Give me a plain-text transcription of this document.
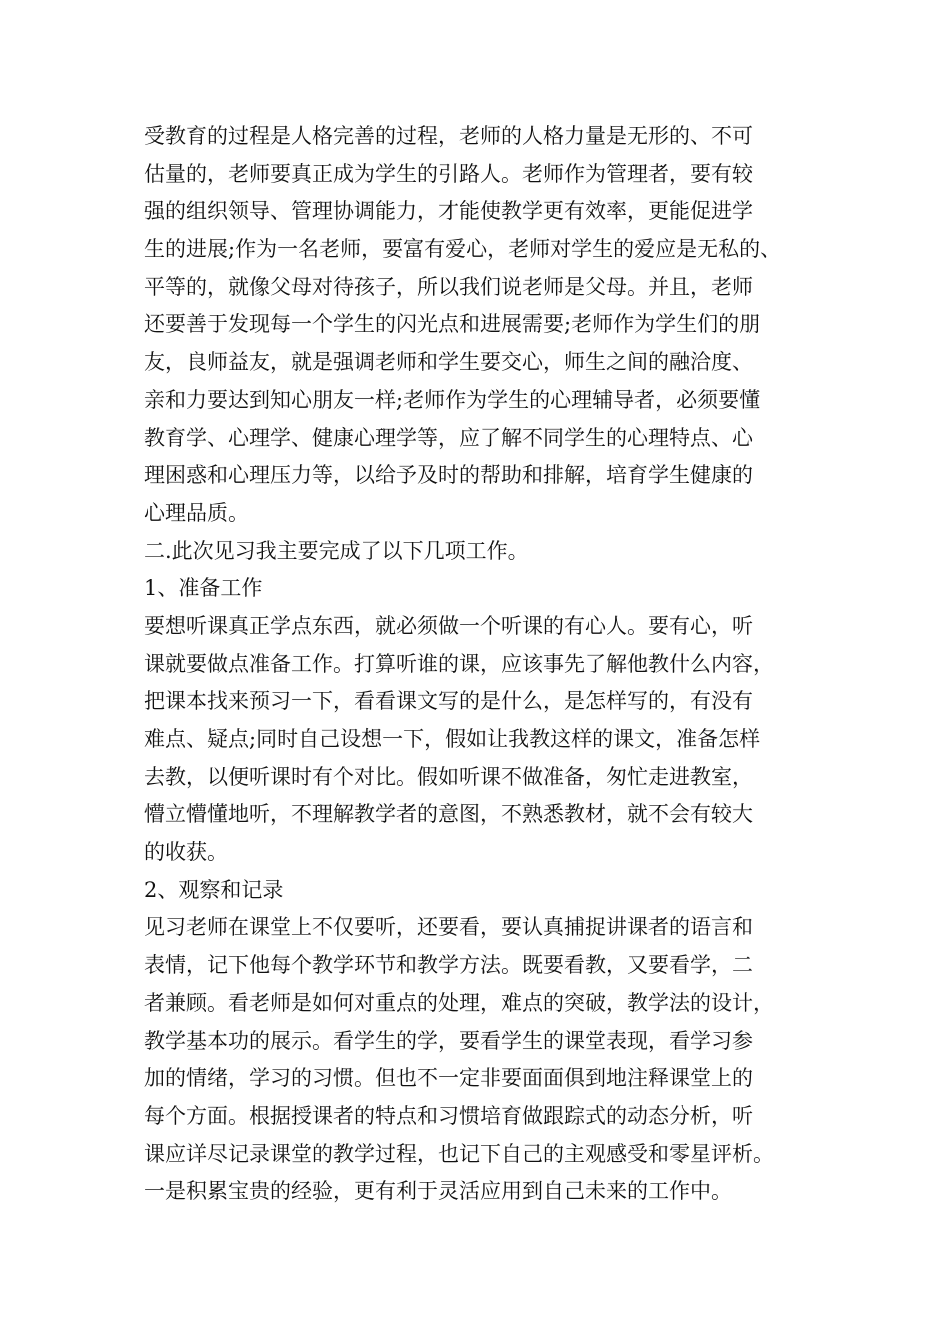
受教育的过程是人格完善的过程，老师的人格力量是无形的、不可
估量的，老师要真正成为学生的引路人。老师作为管理者，要有较
强的组织领导、管理协调能力，才能使教学更有效率，更能促进学
生的进展;作为一名老师，要富有爱心，老师对学生的爱应是无私的、
平等的，就像父母对待孩子，所以我们说老师是父母。并且，老师
还要善于发现每一个学生的闪光点和进展需要;老师作为学生们的朋
友，良师益友，就是强调老师和学生要交心，师生之间的融洽度、
亲和力要达到知心朋友一样;老师作为学生的心理辅导者，必须要懂
教育学、心理学、健康心理学等，应了解不同学生的心理特点、心
理困惑和心理压力等，以给予及时的帮助和排解，培育学生健康的
心理品质。
二.此次见习我主要完成了以下几项工作。
1、准备工作
要想听课真正学点东西，就必须做一个听课的有心人。要有心，听
课就要做点准备工作。打算听谁的课，应该事先了解他教什么内容，
把课本找来预习一下，看看课文写的是什么，是怎样写的，有没有
难点、疑点;同时自己设想一下，假如让我教这样的课文，准备怎样
去教，以便听课时有个对比。假如听课不做准备，匆忙走进教室，
懵立懵懂地听，不理解教学者的意图，不熟悉教材，就不会有较大
的收获。
2、观察和记录
见习老师在课堂上不仅要听，还要看，要认真捕捉讲课者的语言和
表情，记下他每个教学环节和教学方法。既要看教，又要看学，二
者兼顾。看老师是如何对重点的处理，难点的突破，教学法的设计，
教学基本功的展示。看学生的学，要看学生的课堂表现，看学习参
加的情绪，学习的习惯。但也不一定非要面面俱到地注释课堂上的
每个方面。根据授课者的特点和习惯培育做跟踪式的动态分析，听
课应详尽记录课堂的教学过程，也记下自己的主观感受和零星评析。
一是积累宝贵的经验，更有利于灵活应用到自己未来的工作中。
